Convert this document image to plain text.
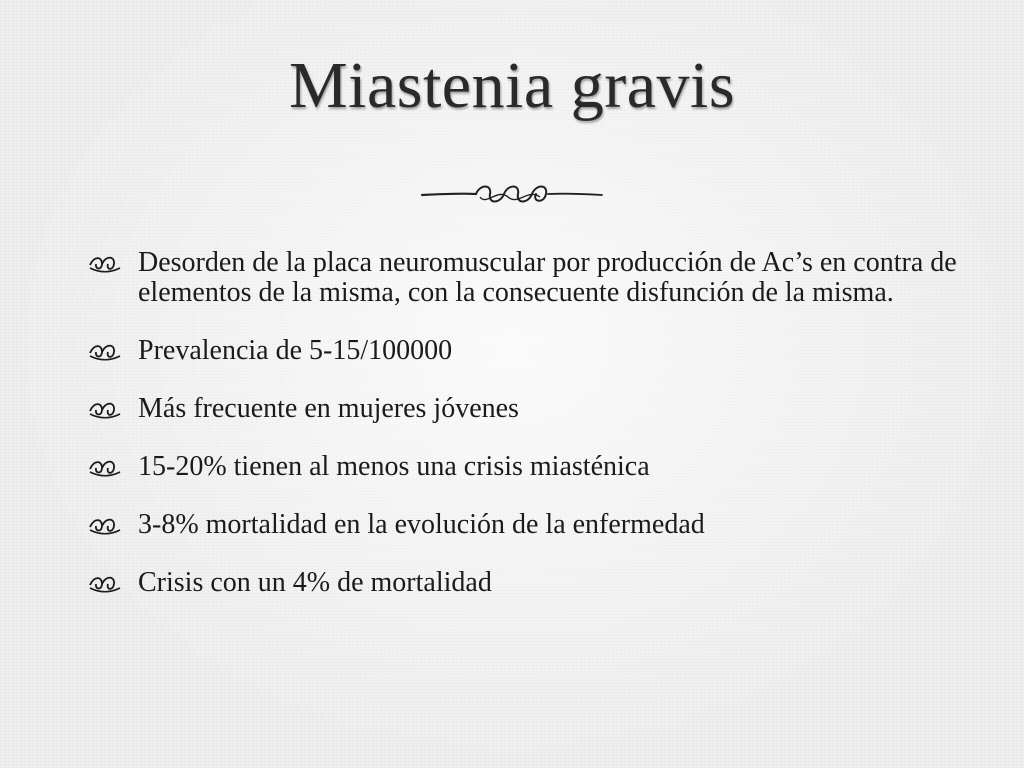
Miastenia gravis
Desorden de la placa neuromuscular por producción de Ac’s en contra de elementos de la misma, con la consecuente disfunción de la misma.
Prevalencia de 5-15/100000
Más frecuente en mujeres jóvenes
15-20% tienen al menos una crisis miasténica
3-8% mortalidad en la evolución de la enfermedad
Crisis con un 4% de mortalidad
